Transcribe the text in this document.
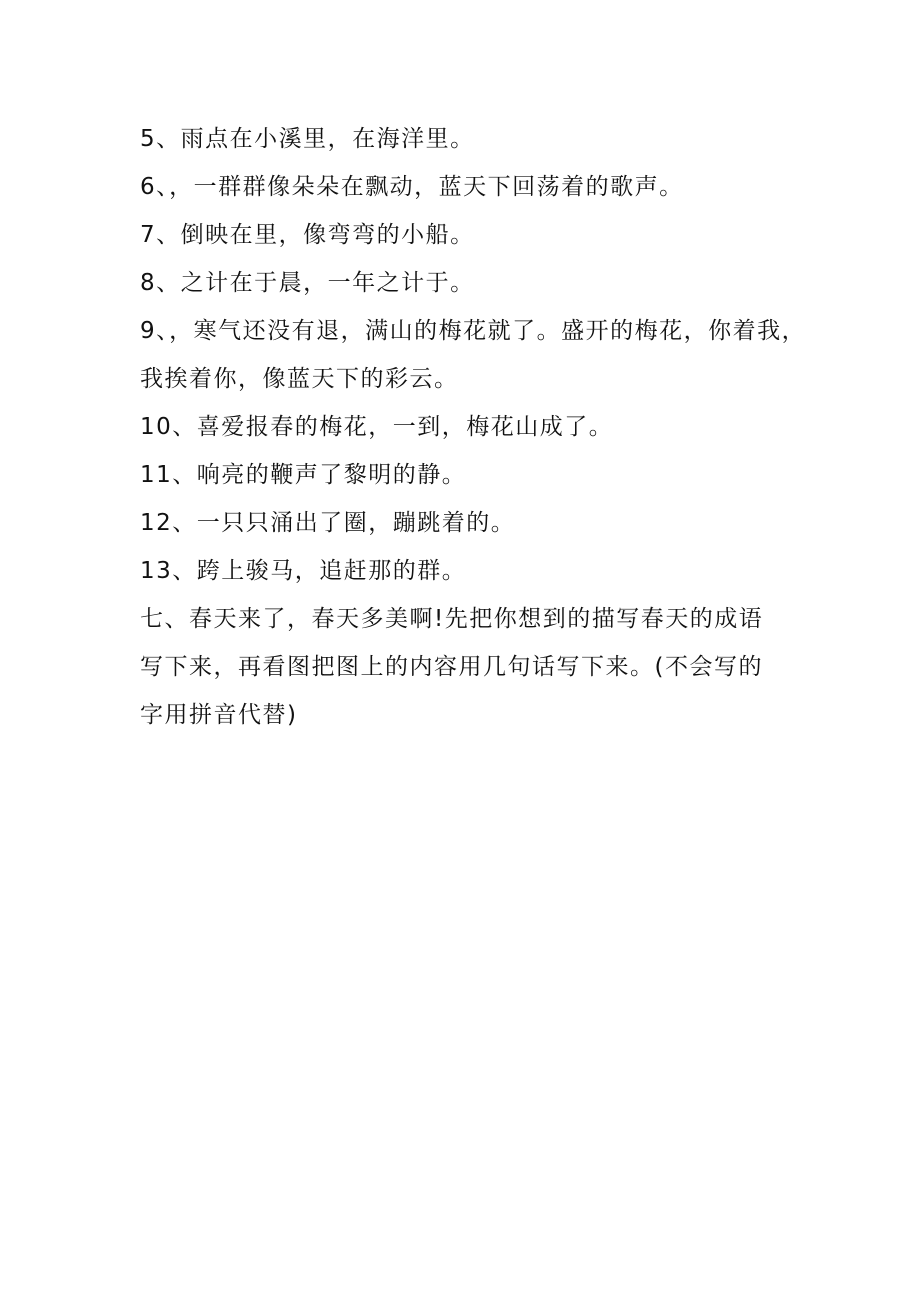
5、雨点在小溪里，在海洋里。
6、，一群群像朵朵在飘动，蓝天下回荡着的歌声。
7、倒映在里，像弯弯的小船。
8、之计在于晨，一年之计于。
9、，寒气还没有退，满山的梅花就了。盛开的梅花，你着我，
我挨着你，像蓝天下的彩云。
10、喜爱报春的梅花，一到，梅花山成了。
11、响亮的鞭声了黎明的静。
12、一只只涌出了圈，蹦跳着的。
13、跨上骏马，追赶那的群。
七、春天来了，春天多美啊!先把你想到的描写春天的成语
写下来，再看图把图上的内容用几句话写下来。(不会写的
字用拼音代替)
